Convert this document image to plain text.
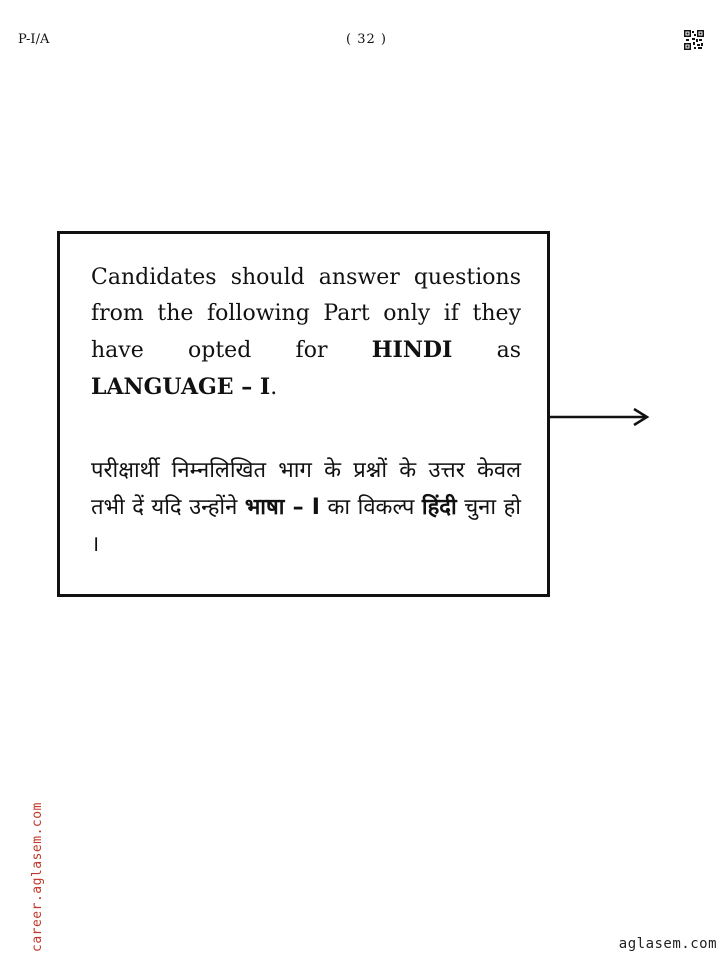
P-I/A	( 32 )

Candidates should answer questions from the following Part only if they have opted for HINDI as LANGUAGE – I.

परीक्षार्थी निम्नलिखित भाग के प्रश्नों के उत्तर केवल तभी दें यदि उन्होंने भाषा – I का विकल्प हिंदी चुना हो ।

career.aglasem.com	aglasem.com
